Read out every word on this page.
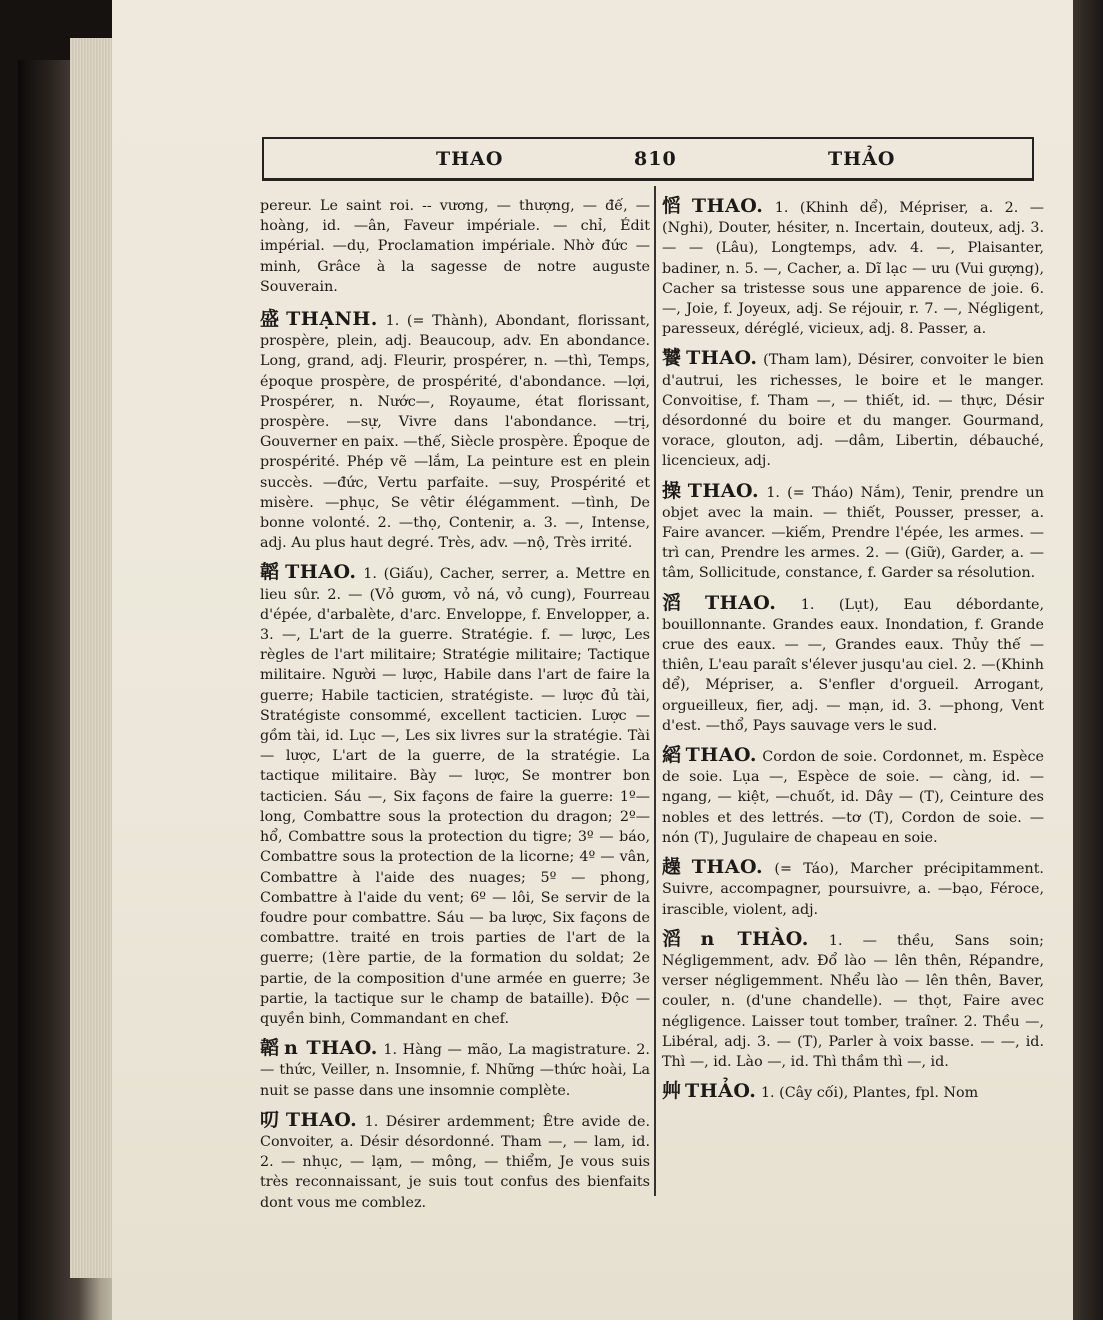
THAO	810	THẢO

pereur. Le saint roi. -- vương, — thượng, — đế, —hoàng, id. —ân, Faveur impériale. — chỉ, Édit impérial. —dụ, Proclamation impériale. Nhờ đức —minh, Grâce à la sagesse de notre auguste Souverain.

盛 THẠNH. 1. (= Thành), Abondant, florissant, prospère, plein, adj. Beaucoup, adv. En abondance. Long, grand, adj. Fleurir, prospérer, n. —thì, Temps, époque prospère, de prospérité, d'abondance. —lợi, Prospérer, n. Nước—, Royaume, état florissant, prospère. —sự, Vivre dans l'abondance. —trị, Gouverner en paix. —thế, Siècle prospère. Époque de prospérité. Phép vẽ —lắm, La peinture est en plein succès. —đức, Vertu parfaite. —suy, Prospérité et misère. —phục, Se vêtir élégamment. —tình, De bonne volonté. 2. —thọ, Contenir, a. 3. —, Intense, adj. Au plus haut degré. Très, adv. —nộ, Très irrité.

韜 THAO. 1. (Giấu), Cacher, serrer, a. Mettre en lieu sûr. 2. — (Vỏ gươm, vỏ ná, vỏ cung), Fourreau d'épée, d'arbalète, d'arc. Enveloppe, f. Envelopper, a. 3. —, L'art de la guerre. Stratégie. f. — lược, Les règles de l'art militaire; Stratégie militaire; Tactique militaire. Người — lược, Habile dans l'art de faire la guerre; Habile tacticien, stratégiste. — lược đủ tài, Stratégiste consommé, excellent tacticien. Lược — gồm tài, id. Lục —, Les six livres sur la stratégie. Tài — lược, L'art de la guerre, de la stratégie. La tactique militaire. Bày — lược, Se montrer bon tacticien. Sáu —, Six façons de faire la guerre: 1º—long, Combattre sous la protection du dragon; 2º—hổ, Combattre sous la protection du tigre; 3º — báo, Combattre sous la protection de la licorne; 4º — vân, Combattre à l'aide des nuages; 5º — phong, Combattre à l'aide du vent; 6º — lôi, Se servir de la foudre pour combattre. Sáu — ba lược, Six façons de combattre. traité en trois parties de l'art de la guerre; (1ère partie, de la formation du soldat; 2e partie, de la composition d'une armée en guerre; 3e partie, la tactique sur le champ de bataille). Độc — quyền binh, Commandant en chef.

韜 n THAO. 1. Hàng — mão, La magistrature. 2. — thức, Veiller, n. Insomnie, f. Những —thức hoài, La nuit se passe dans une insomnie complète.

叨 THAO. 1. Désirer ardemment; Être avide de. Convoiter, a. Désir désordonné. Tham —, — lam, id. 2. — nhục, — lạm, — mông, — thiểm, Je vous suis très reconnaissant, je suis tout confus des bienfaits dont vous me comblez.

慆 THAO. 1. (Khinh dể), Mépriser, a. 2. — (Nghi), Douter, hésiter, n. Incertain, douteux, adj. 3. — — (Lâu), Longtemps, adv. 4. —, Plaisanter, badiner, n. 5. —, Cacher, a. Dĩ lạc — ưu (Vui gượng), Cacher sa tristesse sous une apparence de joie. 6. —, Joie, f. Joyeux, adj. Se réjouir, r. 7. —, Négligent, paresseux, déréglé, vicieux, adj. 8. Passer, a.

饕 THAO. (Tham lam), Désirer, convoiter le bien d'autrui, les richesses, le boire et le manger. Convoitise, f. Tham —, — thiết, id. — thực, Désir désordonné du boire et du manger. Gourmand, vorace, glouton, adj. —dâm, Libertin, débauché, licencieux, adj.

操 THAO. 1. (= Tháo) Nắm), Tenir, prendre un objet avec la main. — thiết, Pousser, presser, a. Faire avancer. —kiếm, Prendre l'épée, les armes. — trì can, Prendre les armes. 2. — (Giữ), Garder, a. — tâm, Sollicitude, constance, f. Garder sa résolution.

滔 THAO. 1. (Lụt), Eau débordante, bouillonnante. Grandes eaux. Inondation, f. Grande crue des eaux. — —, Grandes eaux. Thủy thế —thiên, L'eau paraît s'élever jusqu'au ciel. 2. —(Khinh dể), Mépriser, a. S'enfler d'orgueil. Arrogant, orgueilleux, fier, adj. — mạn, id. 3. —phong, Vent d'est. —thổ, Pays sauvage vers le sud.

縚 THAO. Cordon de soie. Cordonnet, m. Espèce de soie. Lụa —, Espèce de soie. — càng, id. — ngang, — kiệt, —chuốt, id. Dây — (T), Ceinture des nobles et des lettrés. —tơ (T), Cordon de soie. — nón (T), Jugulaire de chapeau en soie.

趮 THAO. (= Táo), Marcher précipitamment. Suivre, accompagner, poursuivre, a. —bạo, Féroce, irascible, violent, adj.

滔 n THÀO. 1. — thều, Sans soin; Négligemment, adv. Đổ lào — lên thên, Répandre, verser négligemment. Nhểu lào — lên thên, Baver, couler, n. (d'une chandelle). — thọt, Faire avec négligence. Laisser tout tomber, traîner. 2. Thều —, Libéral, adj. 3. — (T), Parler à voix basse. — —, id. Thì —, id. Lào —, id. Thì thầm thì —, id.

艸 THẢO. 1. (Cây cối), Plantes, fpl. Nom
